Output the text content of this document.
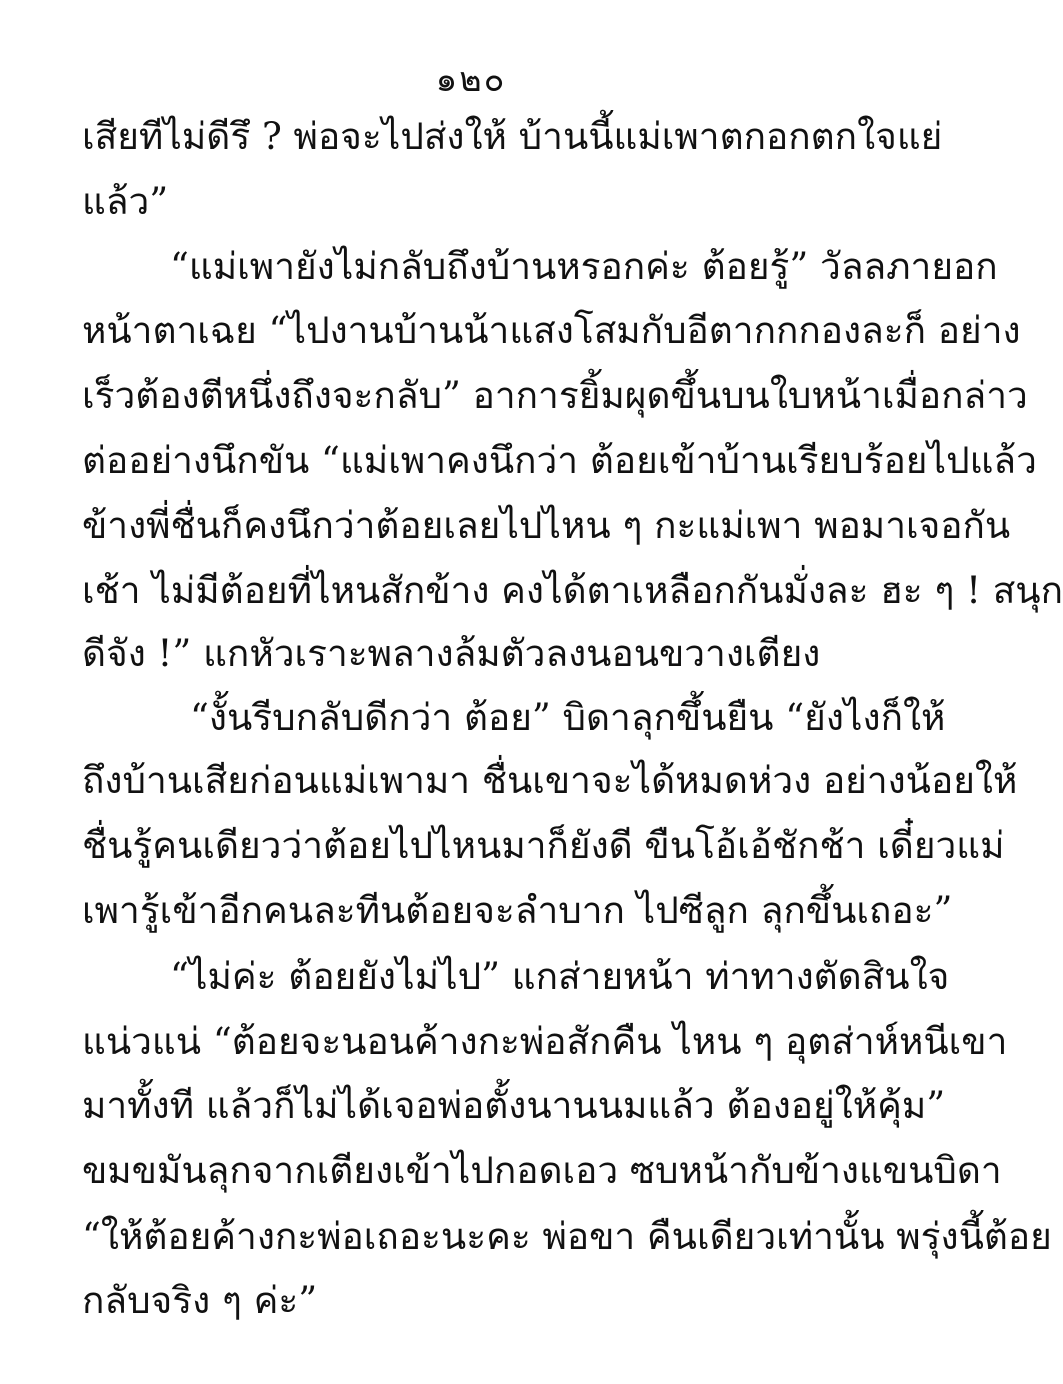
๑๒๐
เสียทีไม่ดีรึ ? พ่อจะไปส่งให้ บ้านนี้แม่เพาตกอกตกใจแย่
แล้ว”
“แม่เพายังไม่กลับถึงบ้านหรอกค่ะ ต้อยรู้” วัลลภายอก
หน้าตาเฉย “ไปงานบ้านน้าแสงโสมกับอีตากกกองละก็ อย่าง
เร็วต้องตีหนึ่งถึงจะกลับ” อาการยิ้มผุดขึ้นบนใบหน้าเมื่อกล่าว
ต่ออย่างนึกขัน “แม่เพาคงนึกว่า ต้อยเข้าบ้านเรียบร้อยไปแล้ว
ข้างพี่ชื่นก็คงนึกว่าต้อยเลยไปไหน ๆ กะแม่เพา พอมาเจอกัน
เช้า ไม่มีต้อยที่ไหนสักข้าง คงได้ตาเหลือกกันมั่งละ ฮะ ๆ ! สนุก
ดีจัง !” แกหัวเราะพลางล้มตัวลงนอนขวางเตียง
“งั้นรีบกลับดีกว่า ต้อย” บิดาลุกขึ้นยืน “ยังไงก็ให้
ถึงบ้านเสียก่อนแม่เพามา ชื่นเขาจะได้หมดห่วง อย่างน้อยให้
ชื่นรู้คนเดียวว่าต้อยไปไหนมาก็ยังดี ขืนโอ้เอ้ชักช้า เดี๋ยวแม่
เพารู้เข้าอีกคนละทีนต้อยจะลำบาก ไปซีลูก ลุกขึ้นเถอะ”
“ไม่ค่ะ ต้อยยังไม่ไป” แกส่ายหน้า ท่าทางตัดสินใจ
แน่วแน่ “ต้อยจะนอนค้างกะพ่อสักคืน ไหน ๆ อุตส่าห์หนีเขา
มาทั้งที แล้วก็ไม่ได้เจอพ่อตั้งนานนมแล้ว ต้องอยู่ให้คุ้ม”
ขมขมันลุกจากเตียงเข้าไปกอดเอว ซบหน้ากับข้างแขนบิดา
“ให้ต้อยค้างกะพ่อเถอะนะคะ พ่อขา คืนเดียวเท่านั้น พรุ่งนี้ต้อย
กลับจริง ๆ ค่ะ”
